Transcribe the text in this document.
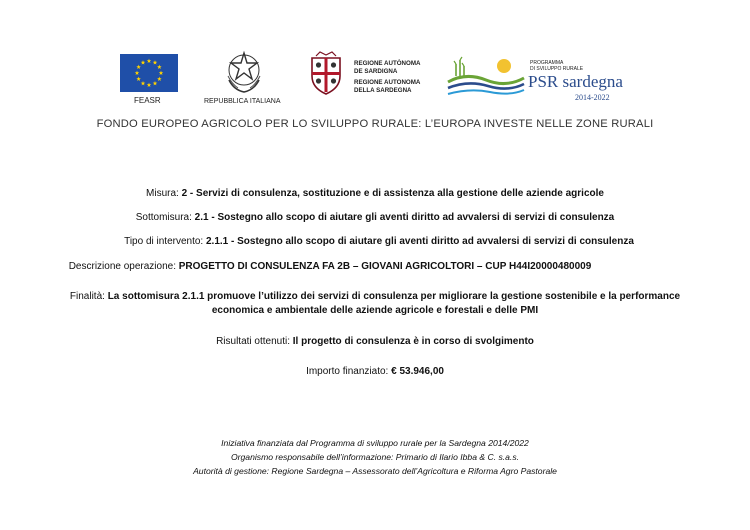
FEASR	REPUBBLICA ITALIANA
REGIONE AUTÒNOMA
DE SARDIGNA
REGIONE AUTONOMA
DELLA SARDEGNA
PROGRAMMA
DI SVILUPPO RURALE
PSR sardegna
2014-2022
FONDO EUROPEO AGRICOLO PER LO SVILUPPO RURALE: L’EUROPA INVESTE NELLE ZONE RURALI
Misura: 2 - Servizi di consulenza, sostituzione e di assistenza alla gestione delle aziende agricole
Sottomisura: 2.1 - Sostegno allo scopo di aiutare gli aventi diritto ad avvalersi di servizi di consulenza
Tipo di intervento: 2.1.1 - Sostegno allo scopo di aiutare gli aventi diritto ad avvalersi di servizi di consulenza
Descrizione operazione: PROGETTO DI CONSULENZA FA 2B – GIOVANI AGRICOLTORI – CUP H44I20000480009
Finalità: La sottomisura 2.1.1 promuove l’utilizzo dei servizi di consulenza per migliorare la gestione sostenibile e la performance economica e ambientale delle aziende agricole e forestali e delle PMI
Risultati ottenuti: Il progetto di consulenza è in corso di svolgimento
Importo finanziato: € 53.946,00
Iniziativa finanziata dal Programma di sviluppo rurale per la Sardegna 2014/2022
Organismo responsabile dell’informazione: Primario di Ilario Ibba & C. s.a.s.
Autorità di gestione: Regione Sardegna – Assessorato dell’Agricoltura e Riforma Agro Pastorale
